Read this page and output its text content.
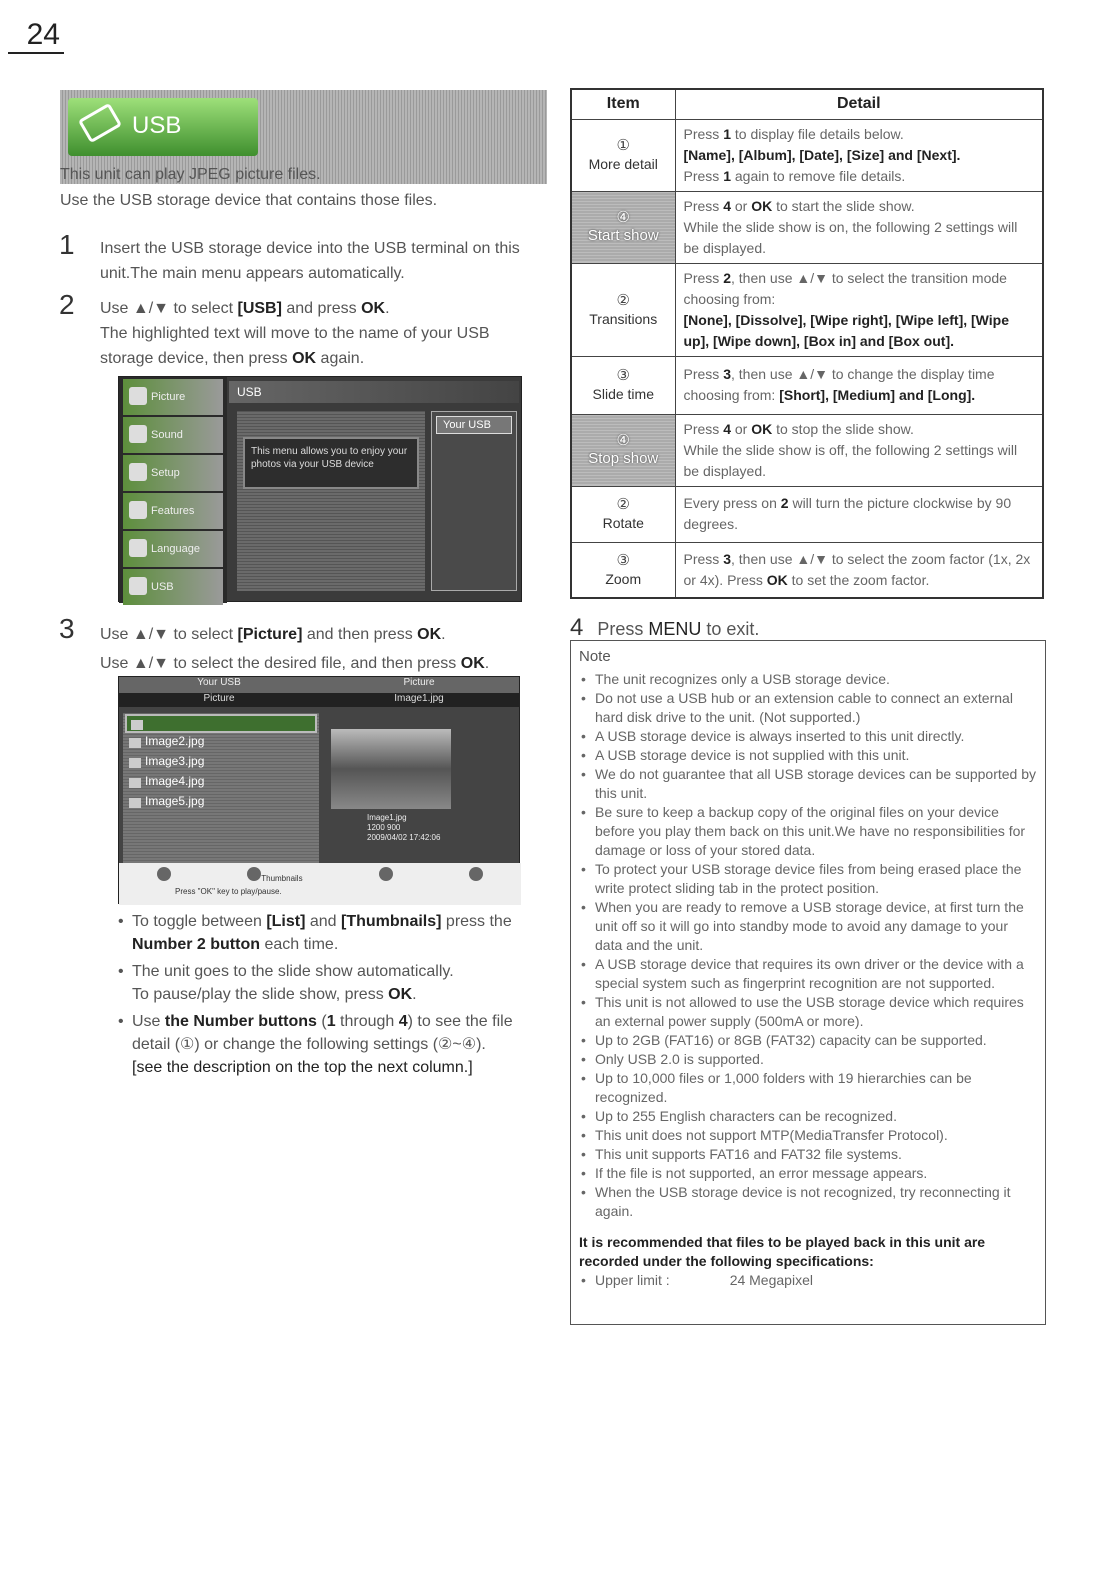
24
USB

This unit can play JPEG picture files.

Use the USB storage device that contains those files.

1	Insert the USB storage device into the USB terminal on this unit.The main menu appears automatically.
2	Use ▲/▼ to select [USB] and press OK.
The highlighted text will move to the name of your USB storage device, then press OK again.
Picture
Sound
Setup
Features
Language
USB
USB
This menu allows you to enjoy your photos via your USB device
Your USB
3	Use ▲/▼ to select [Picture] and then press OK.
Use ▲/▼ to select the desired file, and then press OK.
Your USB	Picture
Picture	Image1.jpg
Image2.jpg
Image3.jpg
Image4.jpg
Image5.jpg
Image1.jpg
1200 900
2009/04/02 17:42:06
Thumbnails
Press "OK" key to play/pause.
• To toggle between [List] and [Thumbnails] press the Number 2 button each time.
• The unit goes to the slide show automatically.
To pause/play the slide show, press OK.
• Use the Number buttons (1 through 4) to see the file detail (①) or change the following settings (②~④).
[see the description on the top the next column.]
Item	Detail

①
More detail	Press 1 to display file details below.
[Name], [Album], [Date], [Size] and [Next].
Press 1 again to remove file details.

④
Start show	Press 4 or OK to start the slide show.
While the slide show is on, the following 2 settings will be displayed.

②
Transitions	Press 2, then use ▲/▼ to select the transition mode choosing from:
[None], [Dissolve], [Wipe right], [Wipe left], [Wipe up], [Wipe down], [Box in] and [Box out].

③
Slide time	Press 3, then use ▲/▼ to change the display time choosing from: [Short], [Medium] and [Long].

④
Stop show	Press 4 or OK to stop the slide show.
While the slide show is off, the following 2 settings will be displayed.

②
Rotate	Every press on 2 will turn the picture clockwise by 90 degrees.

③
Zoom	Press 3, then use ▲/▼ to select the zoom factor (1x, 2x or 4x). Press OK to set the zoom factor.
4 Press MENU to exit.
Note
• The unit recognizes only a USB storage device.
• Do not use a USB hub or an extension cable to connect an external hard disk drive to the unit. (Not supported.)
• A USB storage device is always inserted to this unit directly.
• A USB storage device is not supplied with this unit.
• We do not guarantee that all USB storage devices can be supported by this unit.
• Be sure to keep a backup copy of the original files on your device before you play them back on this unit.We have no responsibilities for damage or loss of your stored data.
• To protect your USB storage device files from being erased place the write protect sliding tab in the protect position.
• When you are ready to remove a USB storage device, at first turn the unit off so it will go into standby mode to avoid any damage to your data and the unit.
• A USB storage device that requires its own driver or the device with a special system such as fingerprint recognition are not supported.
• This unit is not allowed to use the USB storage device which requires an external power supply (500mA or more).
• Up to 2GB (FAT16) or 8GB (FAT32) capacity can be supported.
• Only USB 2.0 is supported.
• Up to 10,000 files or 1,000 folders with 19 hierarchies can be recognized.
• Up to 255 English characters can be recognized.
• This unit does not support MTP(MediaTransfer Protocol).
• This unit supports FAT16 and FAT32 file systems.
• If the file is not supported, an error message appears.
• When the USB storage device is not recognized, try reconnecting it again.
It is recommended that files to be played back in this unit are recorded under the following specifications:
• Upper limit :	24 Megapixel
